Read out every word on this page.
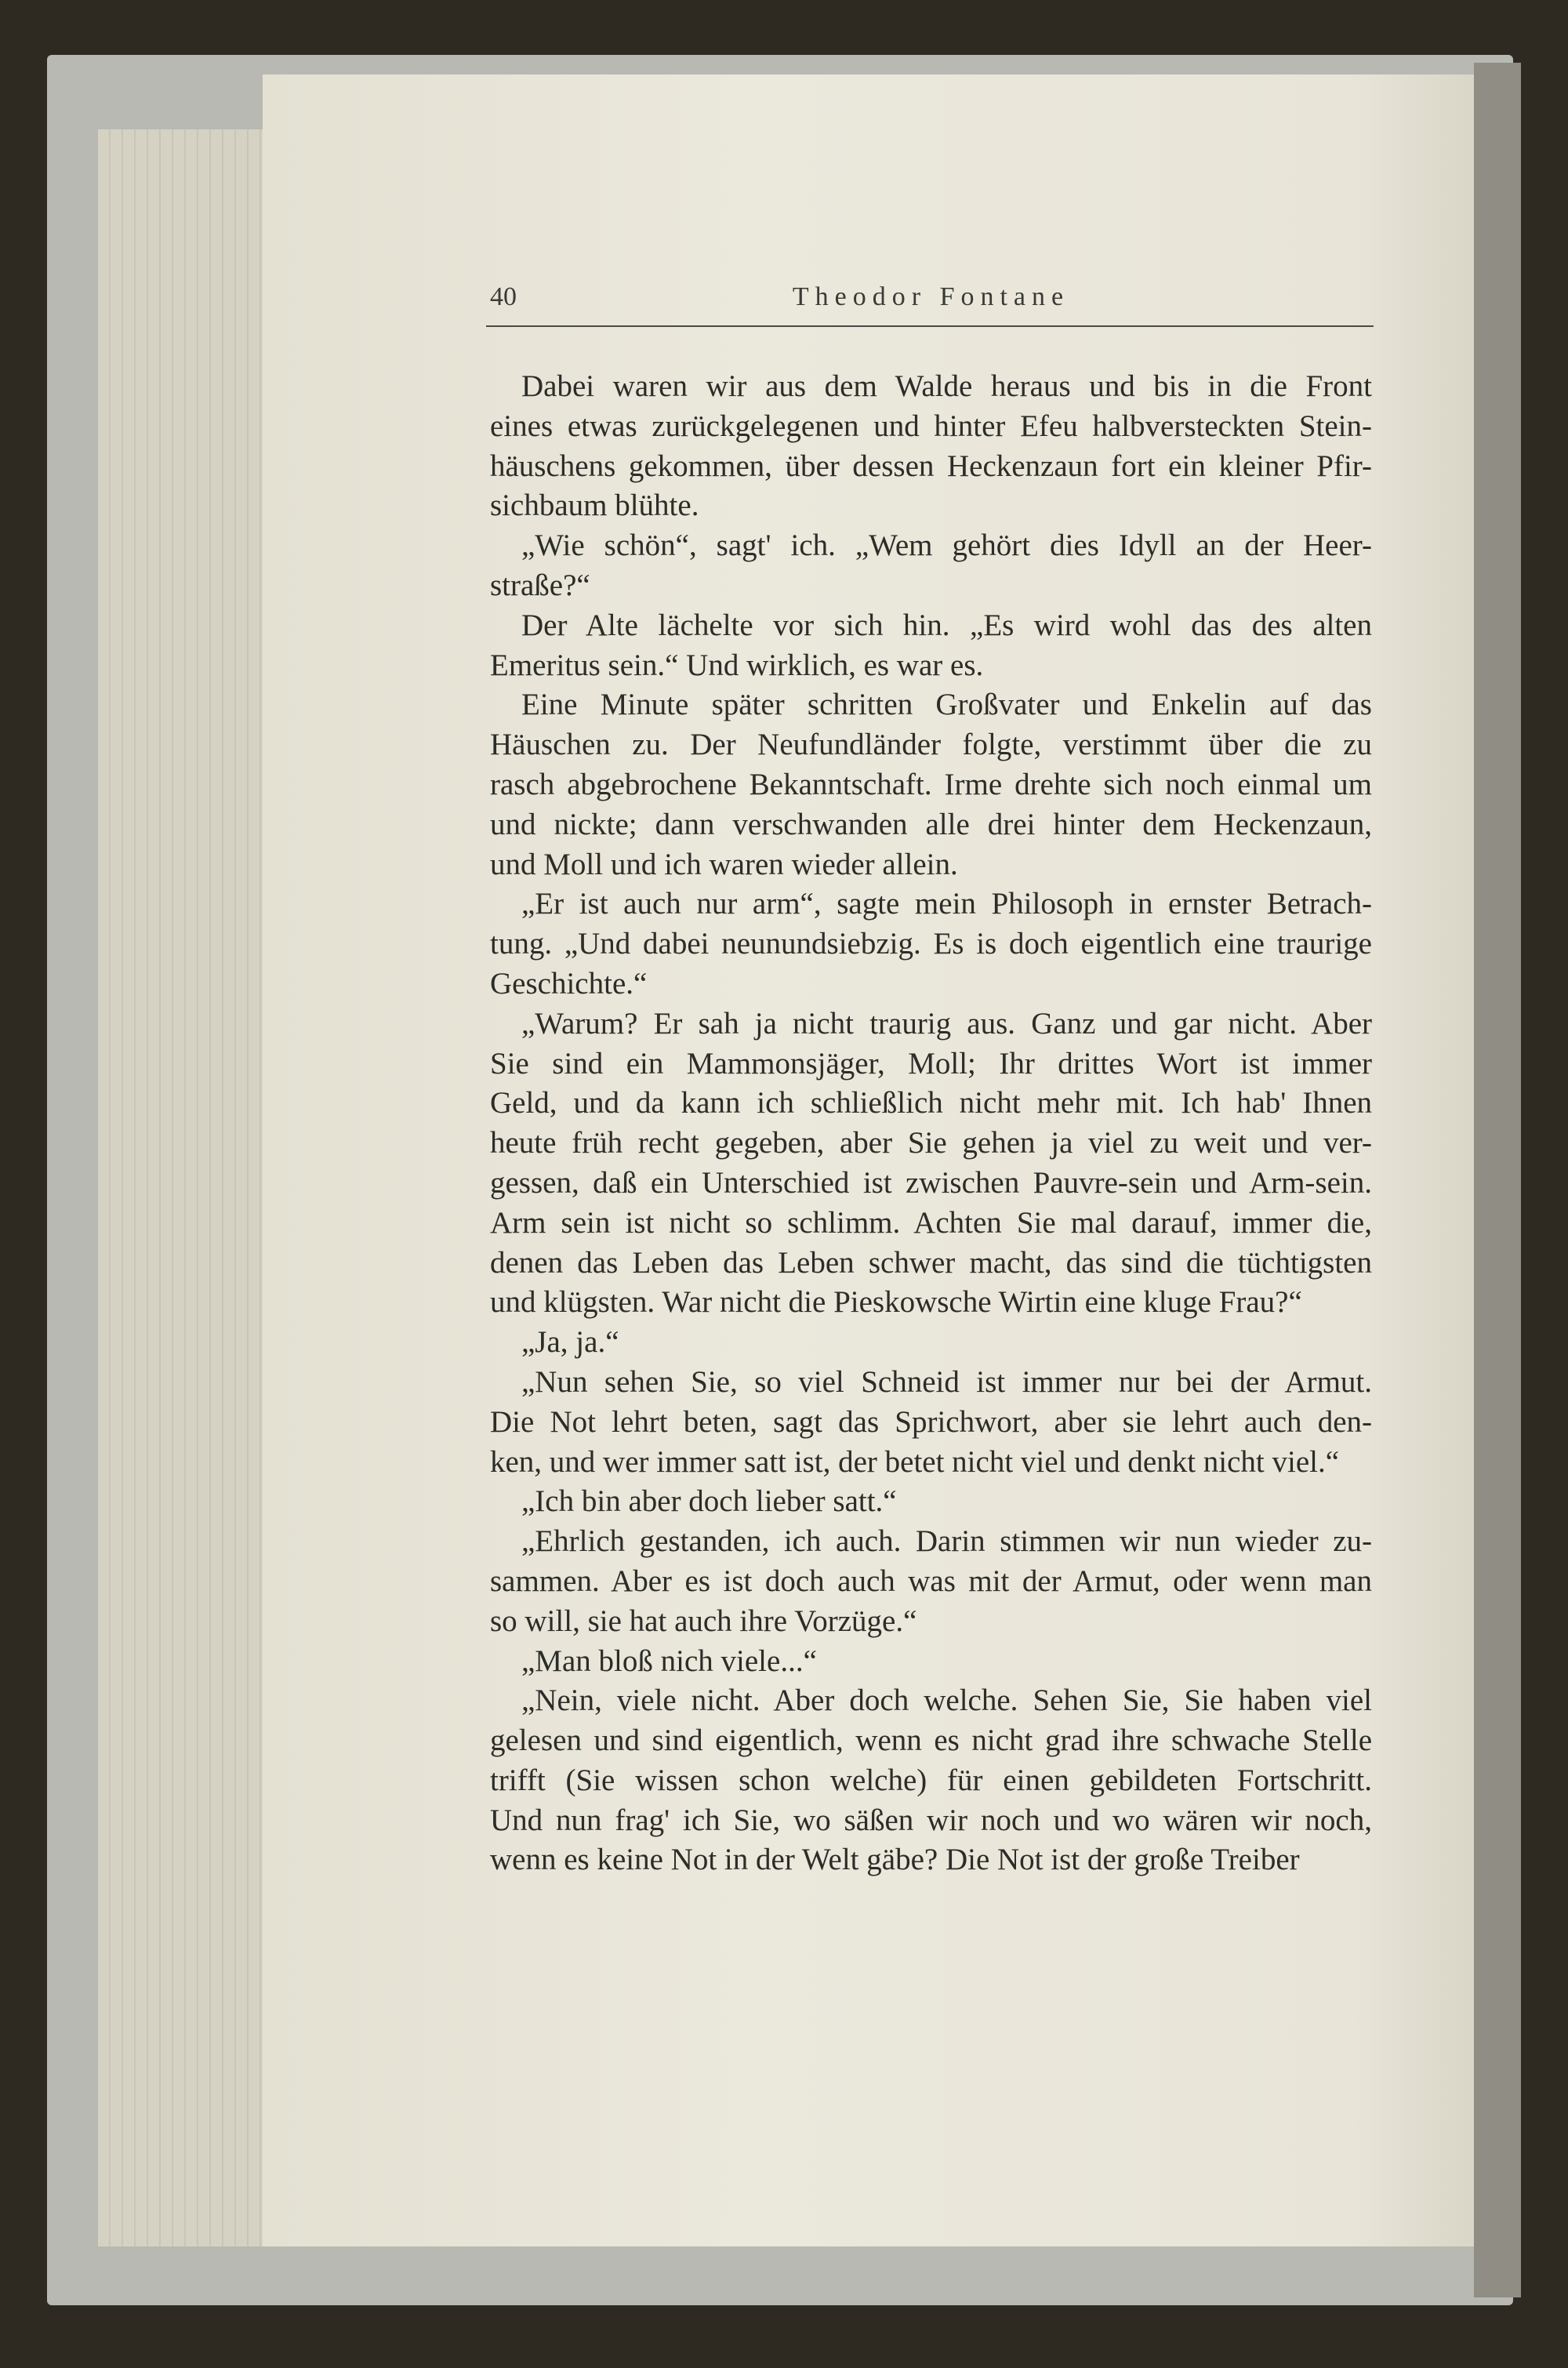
40	Theodor Fontane
Dabei waren wir aus dem Walde heraus und bis in die Front
eines etwas zurückgelegenen und hinter Efeu halbversteckten Stein-
häuschens gekommen, über dessen Heckenzaun fort ein kleiner Pfir-
sichbaum blühte.
„Wie schön“, sagt' ich. „Wem gehört dies Idyll an der Heer-
straße?“
Der Alte lächelte vor sich hin. „Es wird wohl das des alten
Emeritus sein.“ Und wirklich, es war es.
Eine Minute später schritten Großvater und Enkelin auf das
Häuschen zu. Der Neufundländer folgte, verstimmt über die zu
rasch abgebrochene Bekanntschaft. Irme drehte sich noch einmal um
und nickte; dann verschwanden alle drei hinter dem Heckenzaun,
und Moll und ich waren wieder allein.
„Er ist auch nur arm“, sagte mein Philosoph in ernster Betrach-
tung. „Und dabei neunundsiebzig. Es is doch eigentlich eine traurige
Geschichte.“
„Warum? Er sah ja nicht traurig aus. Ganz und gar nicht. Aber
Sie sind ein Mammonsjäger, Moll; Ihr drittes Wort ist immer
Geld, und da kann ich schließlich nicht mehr mit. Ich hab' Ihnen
heute früh recht gegeben, aber Sie gehen ja viel zu weit und ver-
gessen, daß ein Unterschied ist zwischen Pauvre-sein und Arm-sein.
Arm sein ist nicht so schlimm. Achten Sie mal darauf, immer die,
denen das Leben das Leben schwer macht, das sind die tüchtigsten
und klügsten. War nicht die Pieskowsche Wirtin eine kluge Frau?“
„Ja, ja.“
„Nun sehen Sie, so viel Schneid ist immer nur bei der Armut.
Die Not lehrt beten, sagt das Sprichwort, aber sie lehrt auch den-
ken, und wer immer satt ist, der betet nicht viel und denkt nicht viel.“
„Ich bin aber doch lieber satt.“
„Ehrlich gestanden, ich auch. Darin stimmen wir nun wieder zu-
sammen. Aber es ist doch auch was mit der Armut, oder wenn man
so will, sie hat auch ihre Vorzüge.“
„Man bloß nich viele...“
„Nein, viele nicht. Aber doch welche. Sehen Sie, Sie haben viel
gelesen und sind eigentlich, wenn es nicht grad ihre schwache Stelle
trifft (Sie wissen schon welche) für einen gebildeten Fortschritt.
Und nun frag' ich Sie, wo säßen wir noch und wo wären wir noch,
wenn es keine Not in der Welt gäbe? Die Not ist der große Treiber
